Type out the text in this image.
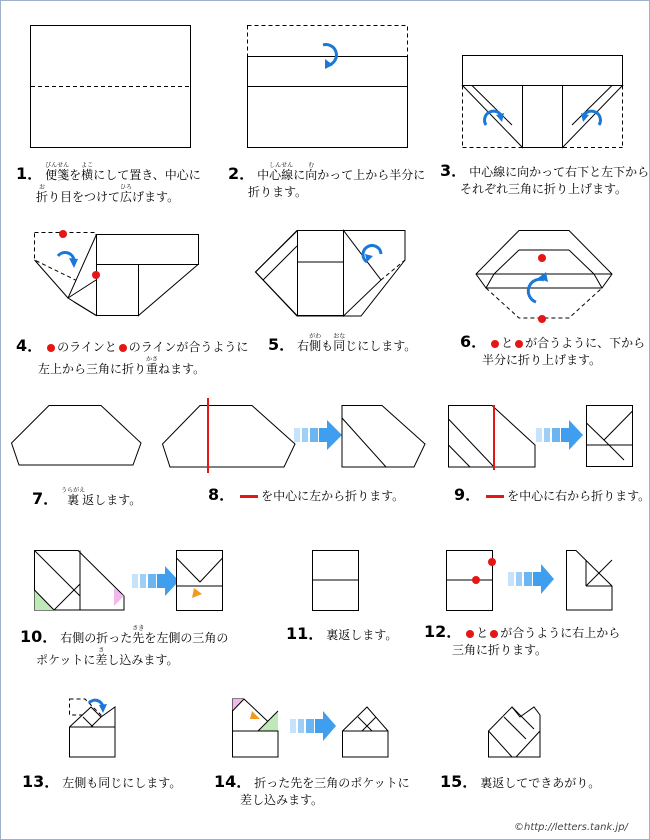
1． 便箋びんせんを横よこにして置き、中心に
折おり目をつけて広ひろげます。
2． 中心しん線せんに向むかって上から半分に
折ります。
3． 中心線に向かって右下と左下から
それぞれ三角に折り上げます。
4． のラインと のラインが合うように
左上から三角に折り重かさねます。
5． 右側がわも同おなじにします。	6． と が合うように、下から
半分に折り上げます。
7． 裏うらがえ返します。	8． を中心に左から折ります。	9． を中心に右から折ります。
10． 右側の折った先さきを左側の三角の
ポケットに差さし込みます。
11． 裏返します。 12． と が合うように右上から
三角に折ります。
13． 左側も同じにします。 14． 折った先を三角のポケットに
差し込みます。
15． 裏返してできあがり。
©http://letters.tank.jp/
